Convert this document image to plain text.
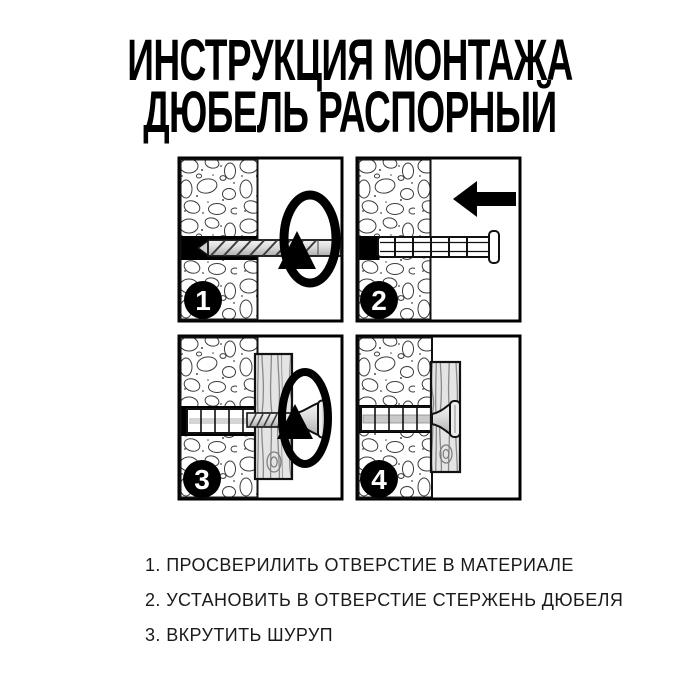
ИНСТРУКЦИЯ МОНТАЖА
ДЮБЕЛЬ РАСПОРНЫЙ
1	2
3	4
1. ПРОСВЕРИЛИТЬ ОТВЕРСТИЕ В МАТЕРИАЛЕ
2. УСТАНОВИТЬ В ОТВЕРСТИЕ СТЕРЖЕНЬ ДЮБЕЛЯ
3. ВКРУТИТЬ ШУРУП
